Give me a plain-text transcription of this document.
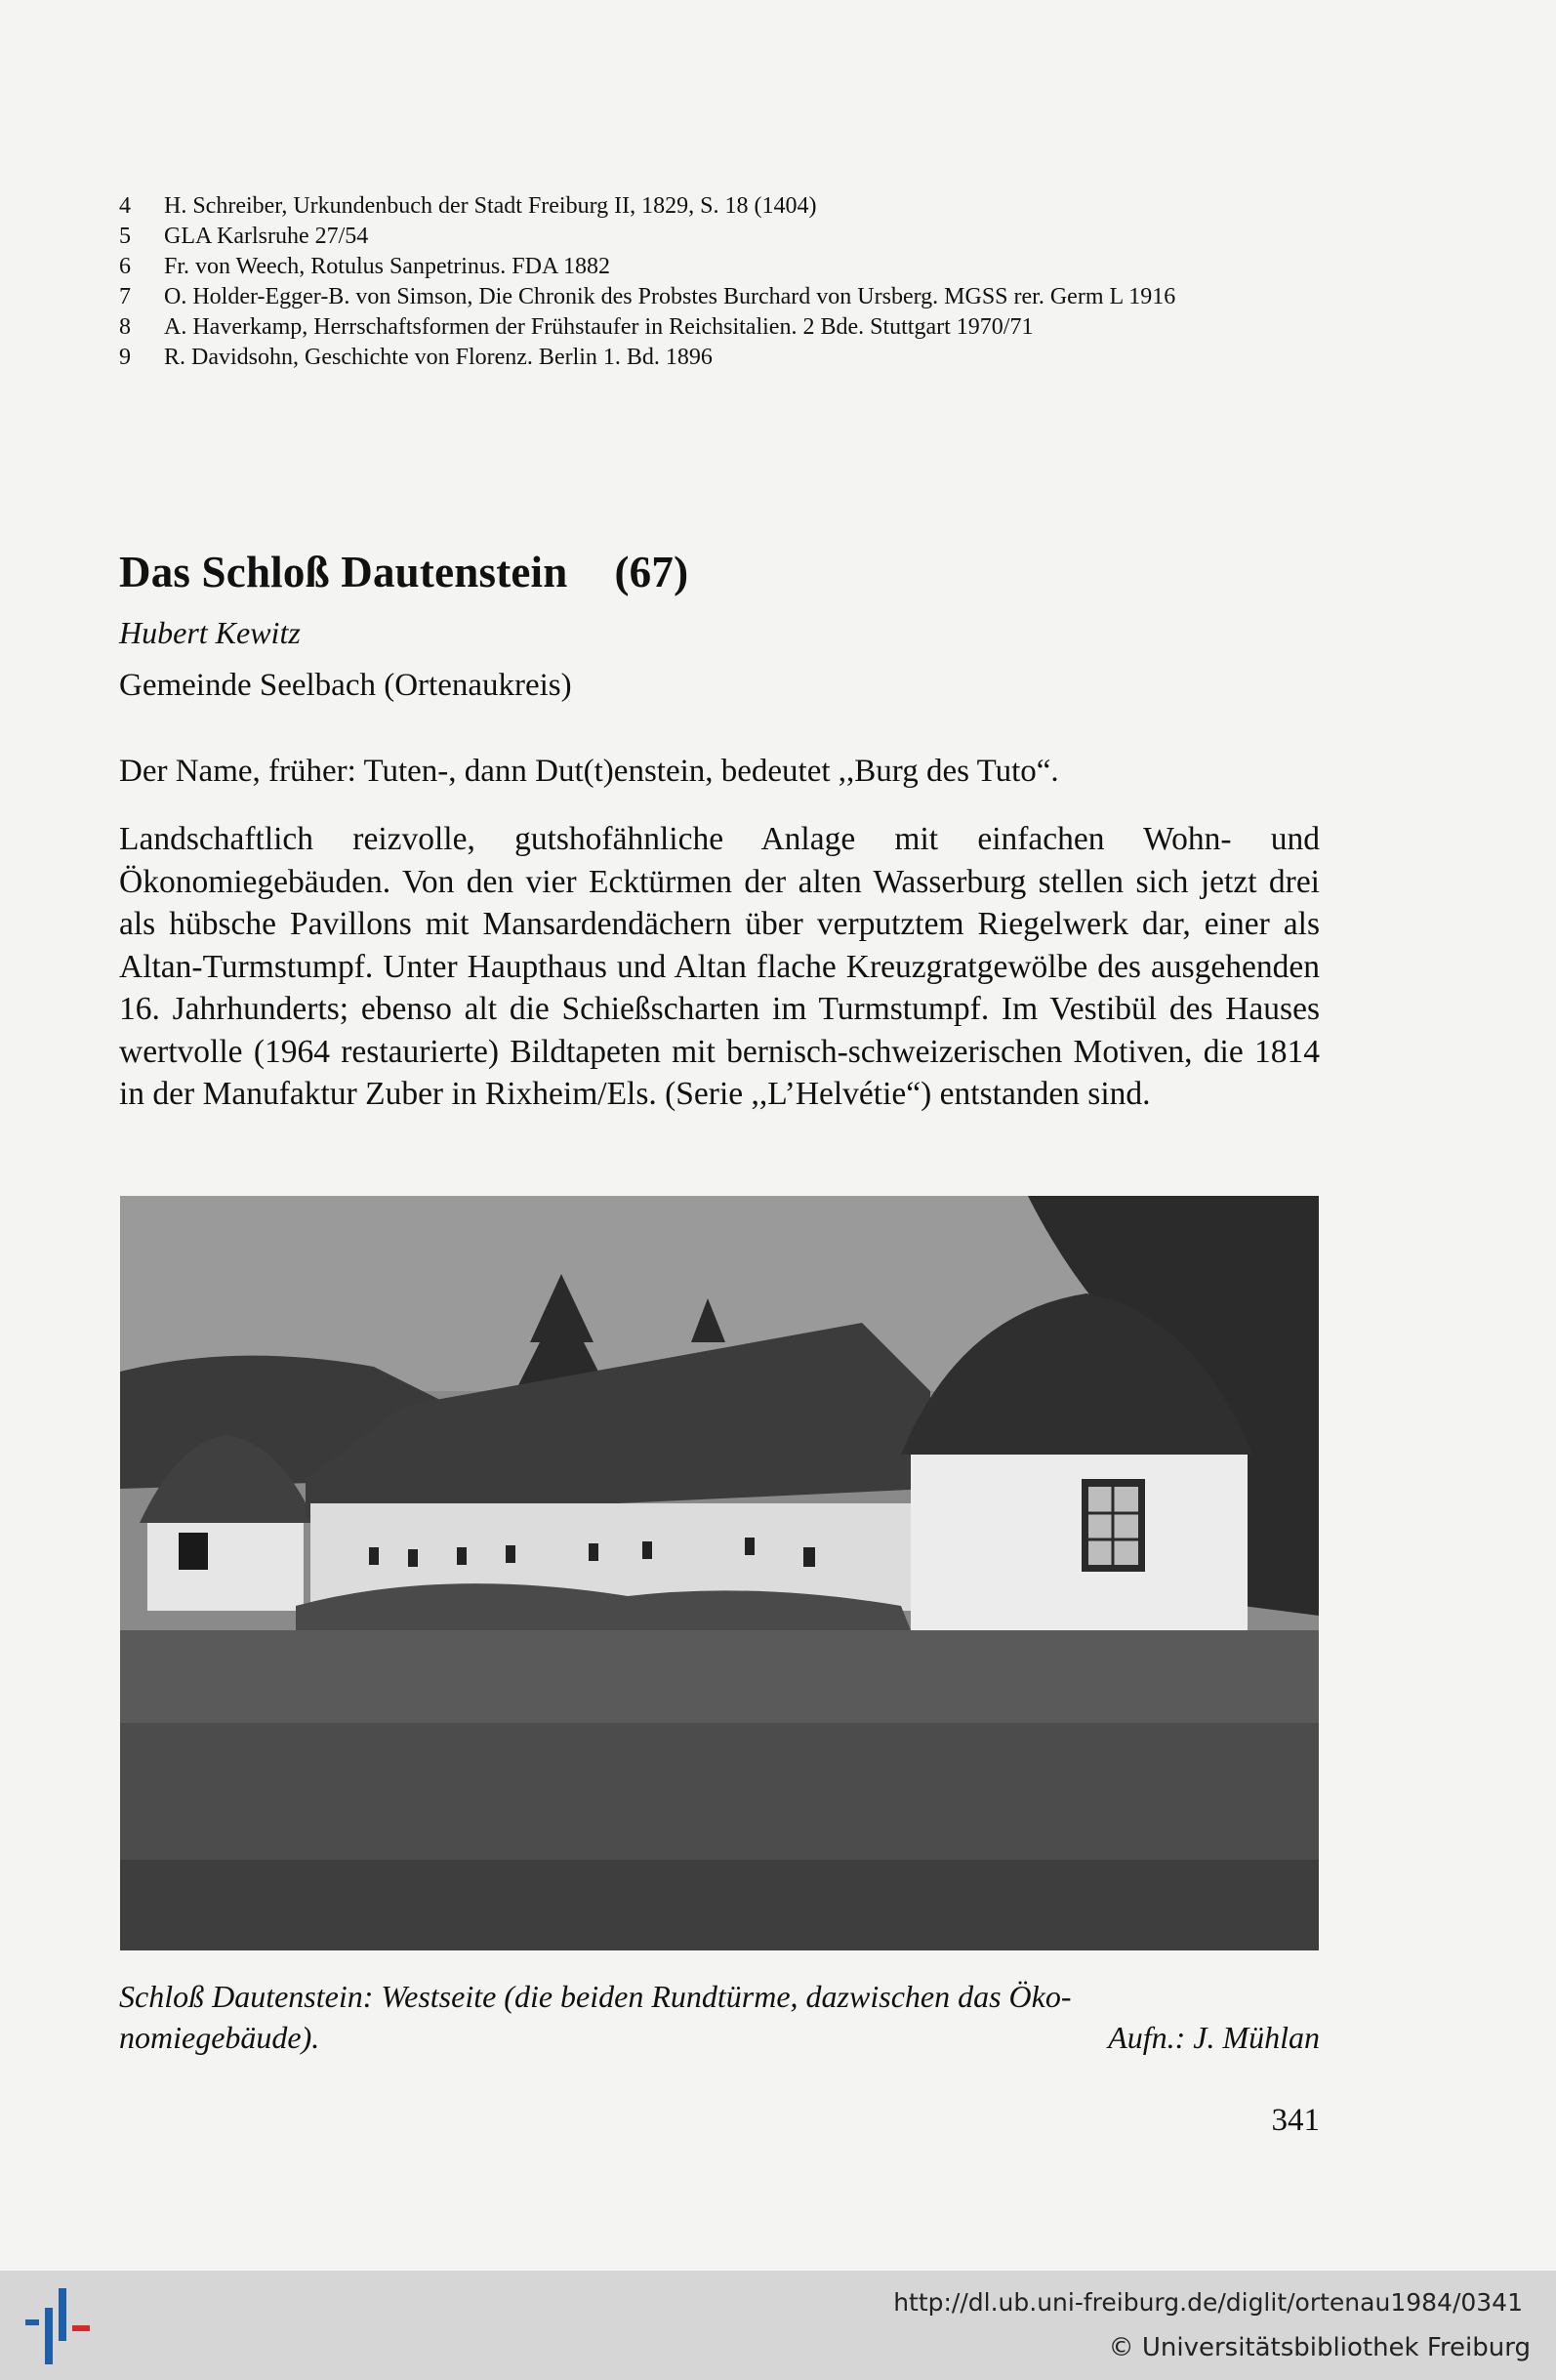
4	H. Schreiber, Urkundenbuch der Stadt Freiburg II, 1829, S. 18 (1404)
5	GLA Karlsruhe 27/54
6	Fr. von Weech, Rotulus Sanpetrinus. FDA 1882
7	O. Holder-Egger-B. von Simson, Die Chronik des Probstes Burchard von Ursberg. MGSS rer. Germ L 1916
8	A. Haverkamp, Herrschaftsformen der Frühstaufer in Reichsitalien. 2 Bde. Stuttgart 1970/71
9	R. Davidsohn, Geschichte von Florenz. Berlin 1. Bd. 1896
Das Schloß Dautenstein (67)
Hubert Kewitz
Gemeinde Seelbach (Ortenaukreis)
Der Name, früher: Tuten-, dann Dut(t)enstein, bedeutet ,,Burg des Tuto“.

Landschaftlich reizvolle, gutshofähnliche Anlage mit einfachen Wohn- und Ökonomiegebäuden. Von den vier Ecktürmen der alten Wasserburg stellen sich jetzt drei als hübsche Pavillons mit Mansardendächern über verputztem Riegelwerk dar, einer als Altan-Turmstumpf. Unter Haupthaus und Altan flache Kreuzgratgewölbe des ausgehenden 16. Jahrhunderts; ebenso alt die Schießscharten im Turmstumpf. Im Vestibül des Hauses wertvolle (1964 restaurierte) Bildtapeten mit bernisch-schweizerischen Motiven, die 1814 in der Manufaktur Zuber in Rixheim/Els. (Serie ,,L’Helvétie“) entstanden sind.

Schloß Dautenstein: Westseite (die beiden Rundtürme, dazwischen das Öko-
nomiegebäude).	Aufn.: J. Mühlan
341
http://dl.ub.uni-freiburg.de/diglit/ortenau1984/0341
© Universitätsbibliothek Freiburg
